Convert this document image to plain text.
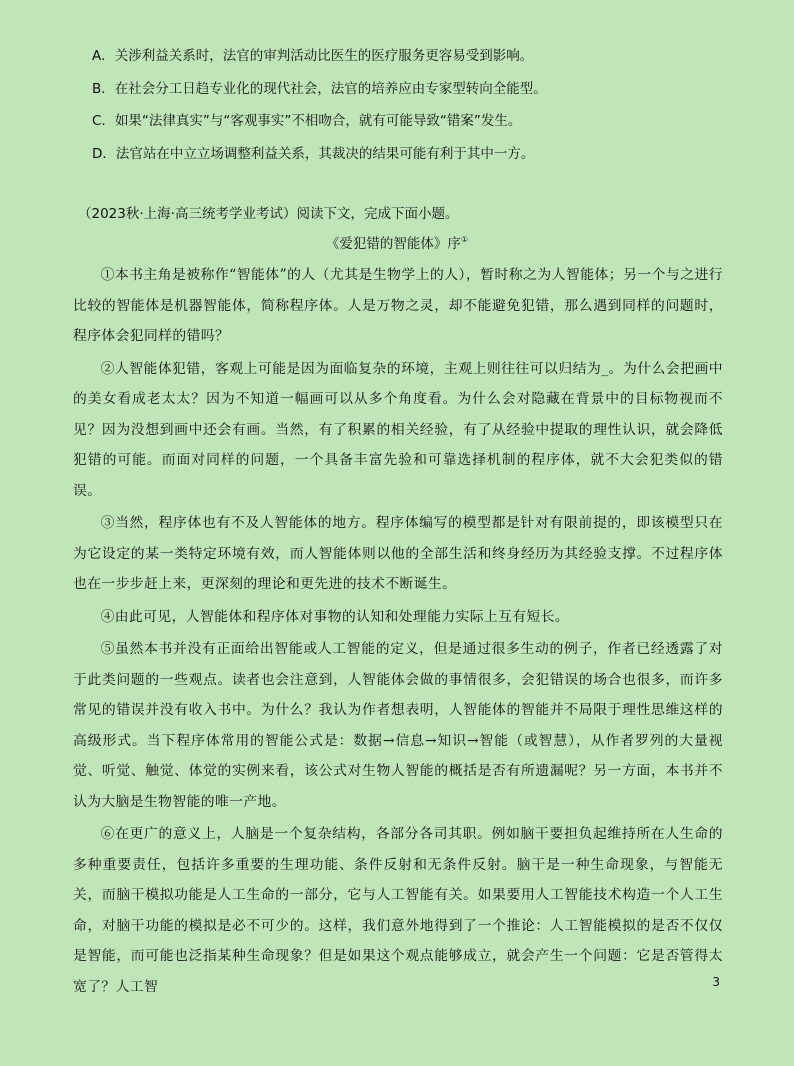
A．关涉利益关系时，法官的审判活动比医生的医疗服务更容易受到影响。
B．在社会分工日趋专业化的现代社会，法官的培养应由专家型转向全能型。
C．如果“法律真实”与“客观事实”不相吻合，就有可能导致“错案”发生。
D．法官站在中立立场调整利益关系，其裁决的结果可能有利于其中一方。
（2023秋·上海·高三统考学业考试）阅读下文，完成下面小题。
《爱犯错的智能体》序①

①本书主角是被称作“智能体”的人（尤其是生物学上的人），暂时称之为人智能体；另一个与之进行比较的智能体是机器智能体，简称程序体。人是万物之灵，却不能避免犯错，那么遇到同样的问题时，程序体会犯同样的错吗？

②人智能体犯错，客观上可能是因为面临复杂的环境，主观上则往往可以归结为_。为什么会把画中的美女看成老太太？因为不知道一幅画可以从多个角度看。为什么会对隐藏在背景中的目标物视而不见？因为没想到画中还会有画。当然，有了积累的相关经验，有了从经验中提取的理性认识，就会降低犯错的可能。而面对同样的问题，一个具备丰富先验和可靠选择机制的程序体，就不大会犯类似的错误。

③当然，程序体也有不及人智能体的地方。程序体编写的模型都是针对有限前提的，即该模型只在为它设定的某一类特定环境有效，而人智能体则以他的全部生活和终身经历为其经验支撑。不过程序体也在一步步赶上来，更深刻的理论和更先进的技术不断诞生。

④由此可见，人智能体和程序体对事物的认知和处理能力实际上互有短长。

⑤虽然本书并没有正面给出智能或人工智能的定义，但是通过很多生动的例子，作者已经透露了对于此类问题的一些观点。读者也会注意到，人智能体会做的事情很多，会犯错误的场合也很多，而许多常见的错误并没有收入书中。为什么？我认为作者想表明，人智能体的智能并不局限于理性思维这样的高级形式。当下程序体常用的智能公式是：数据→信息→知识→智能（或智慧），从作者罗列的大量视觉、听觉、触觉、体觉的实例来看，该公式对生物人智能的概括是否有所遗漏呢？另一方面，本书并不认为大脑是生物智能的唯一产地。

⑥在更广的意义上，人脑是一个复杂结构，各部分各司其职。例如脑干要担负起维持所在人生命的多种重要责任，包括许多重要的生理功能、条件反射和无条件反射。脑干是一种生命现象，与智能无关，而脑干模拟功能是人工生命的一部分，它与人工智能有关。如果要用人工智能技术构造一个人工生命，对脑干功能的模拟是必不可少的。这样，我们意外地得到了一个推论：人工智能模拟的是否不仅仅是智能，而可能也泛指某种生命现象？但是如果这个观点能够成立，就会产生一个问题：它是否管得太宽了？人工智	3
